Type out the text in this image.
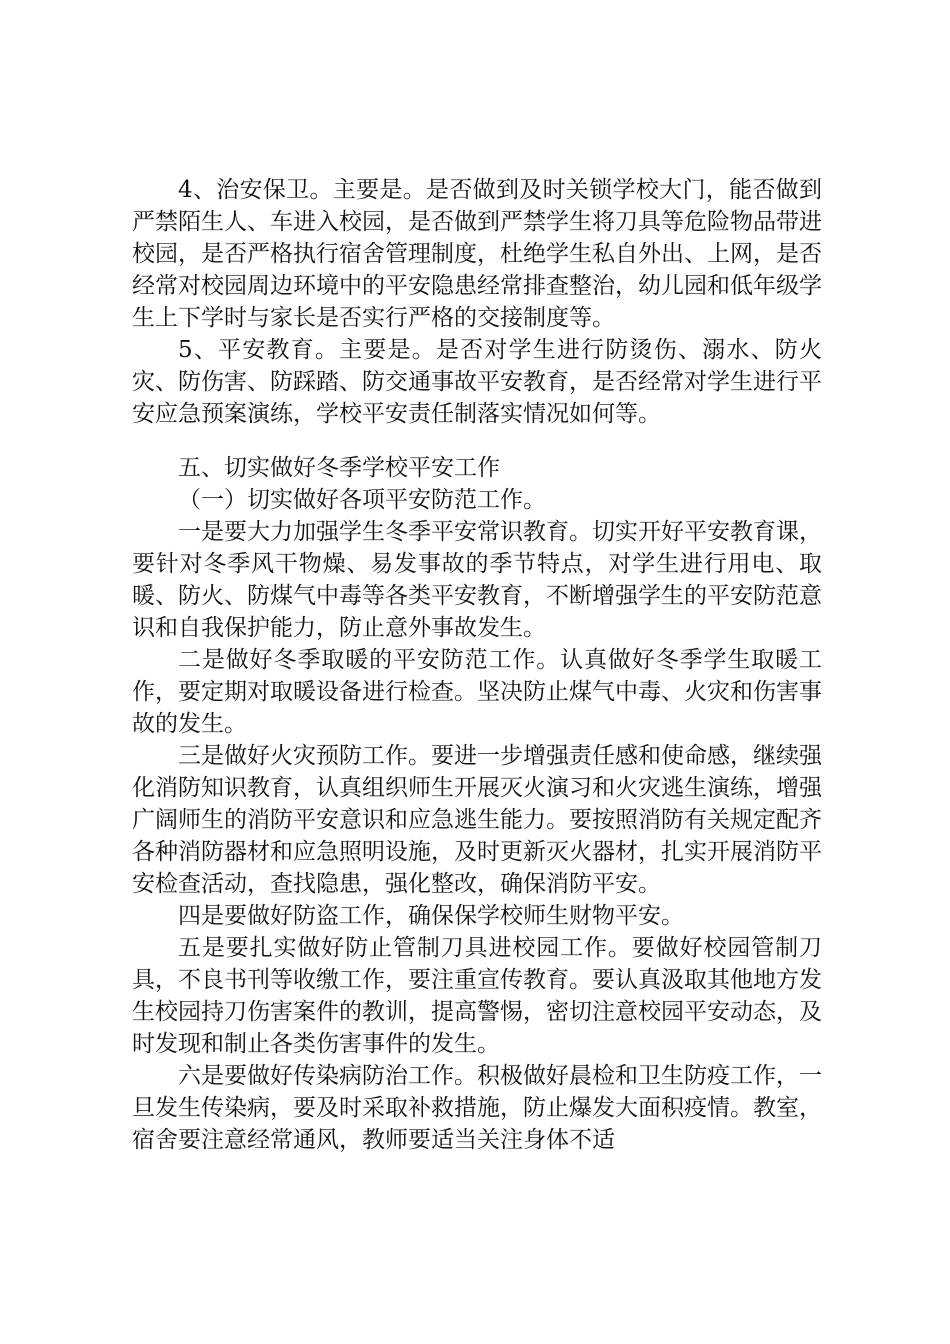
4、治安保卫。主要是。是否做到及时关锁学校大门，能否做到严禁陌生人、车进入校园，是否做到严禁学生将刀具等危险物品带进校园，是否严格执行宿舍管理制度，杜绝学生私自外出、上网，是否经常对校园周边环境中的平安隐患经常排查整治，幼儿园和低年级学生上下学时与家长是否实行严格的交接制度等。

5、平安教育。主要是。是否对学生进行防烫伤、溺水、防火灾、防伤害、防踩踏、防交通事故平安教育，是否经常对学生进行平安应急预案演练，学校平安责任制落实情况如何等。

五、切实做好冬季学校平安工作

（一）切实做好各项平安防范工作。

一是要大力加强学生冬季平安常识教育。切实开好平安教育课，要针对冬季风干物燥、易发事故的季节特点，对学生进行用电、取暖、防火、防煤气中毒等各类平安教育，不断增强学生的平安防范意识和自我保护能力，防止意外事故发生。

二是做好冬季取暖的平安防范工作。认真做好冬季学生取暖工作，要定期对取暖设备进行检查。坚决防止煤气中毒、火灾和伤害事故的发生。

三是做好火灾预防工作。要进一步增强责任感和使命感，继续强化消防知识教育，认真组织师生开展灭火演习和火灾逃生演练，增强广阔师生的消防平安意识和应急逃生能力。要按照消防有关规定配齐各种消防器材和应急照明设施，及时更新灭火器材，扎实开展消防平安检查活动，查找隐患，强化整改，确保消防平安。

四是要做好防盗工作，确保保学校师生财物平安。

五是要扎实做好防止管制刀具进校园工作。要做好校园管制刀具，不良书刊等收缴工作，要注重宣传教育。要认真汲取其他地方发生校园持刀伤害案件的教训，提高警惕，密切注意校园平安动态，及时发现和制止各类伤害事件的发生。

六是要做好传染病防治工作。积极做好晨检和卫生防疫工作，一旦发生传染病，要及时采取补救措施，防止爆发大面积疫情。教室，宿舍要注意经常通风，教师要适当关注身体不适
